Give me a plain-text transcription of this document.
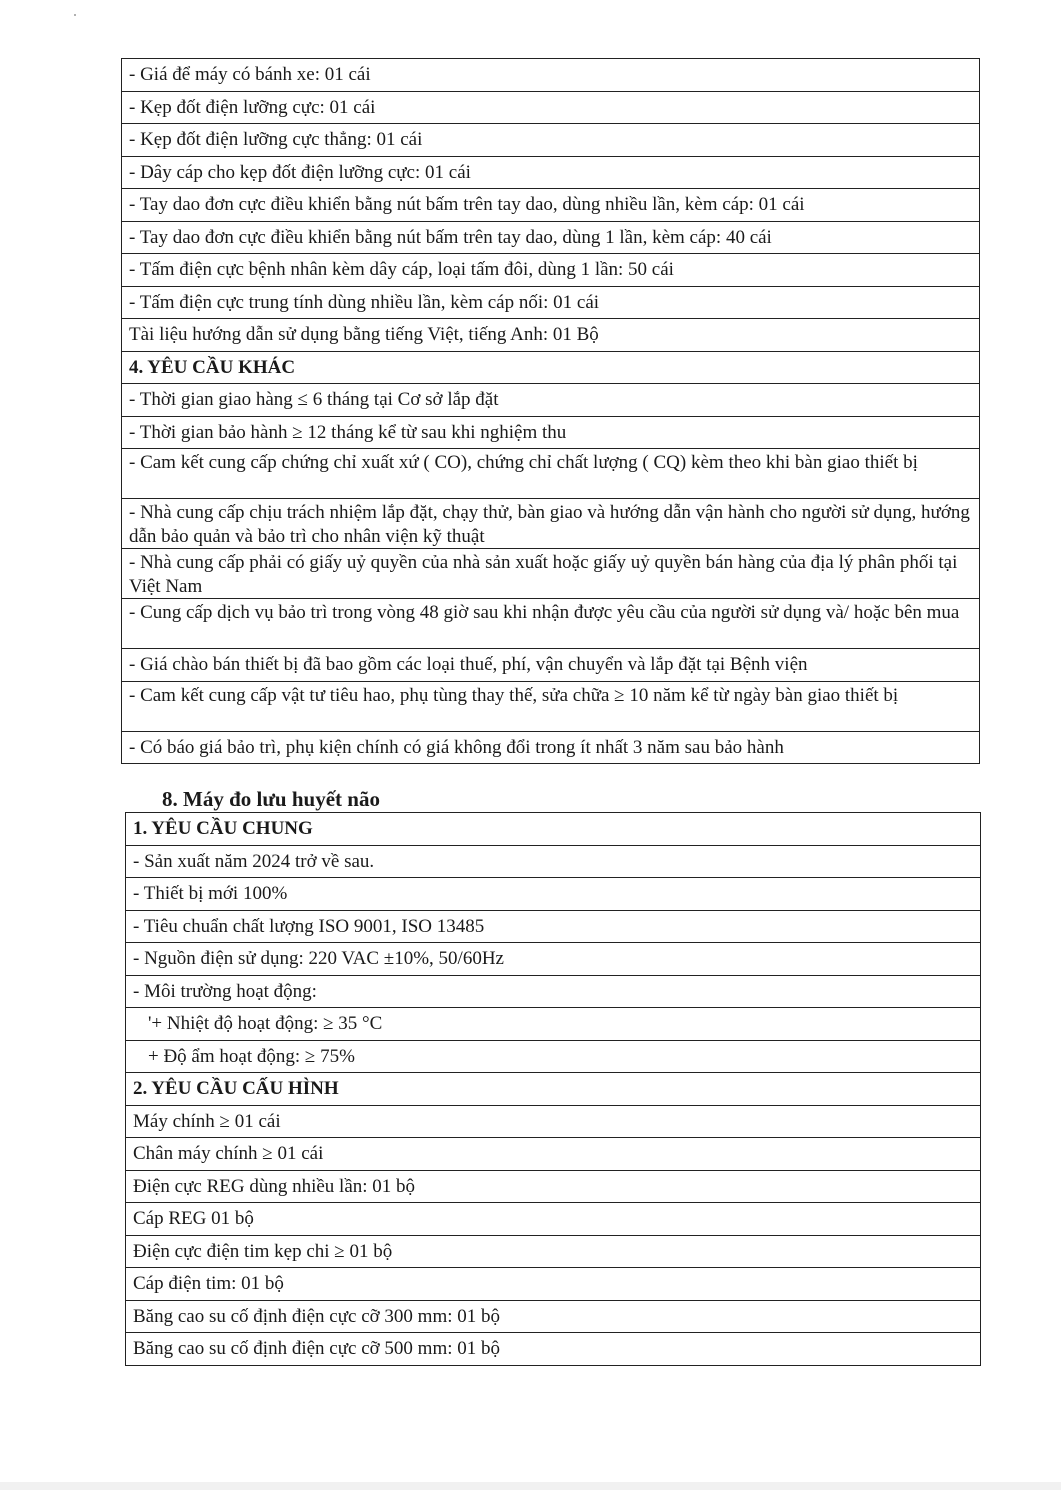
- Giá để máy có bánh xe: 01 cái
- Kẹp đốt điện lưỡng cực: 01 cái
- Kẹp đốt điện lưỡng cực thẳng: 01 cái
- Dây cáp cho kẹp đốt điện lưỡng cực: 01 cái
- Tay dao đơn cực điều khiển bằng nút bấm trên tay dao, dùng nhiều lần, kèm cáp: 01 cái
- Tay dao đơn cực điều khiển bằng nút bấm trên tay dao, dùng 1 lần, kèm cáp: 40 cái
- Tấm điện cực bệnh nhân kèm dây cáp, loại tấm đôi, dùng 1 lần: 50 cái
- Tấm điện cực trung tính dùng nhiều lần, kèm cáp nối: 01 cái
Tài liệu hướng dẫn sử dụng bằng tiếng Việt, tiếng Anh: 01 Bộ
4. YÊU CẦU KHÁC
- Thời gian giao hàng ≤ 6 tháng tại Cơ sở lắp đặt
- Thời gian bảo hành ≥ 12 tháng kể từ sau khi nghiệm thu
- Cam kết cung cấp chứng chỉ xuất xứ ( CO), chứng chỉ chất lượng ( CQ) kèm theo khi bàn giao thiết bị
- Nhà cung cấp chịu trách nhiệm lắp đặt, chạy thử, bàn giao và hướng dẫn vận hành cho người sử dụng, hướng dẫn bảo quản và bảo trì cho nhân viện kỹ thuật
- Nhà cung cấp phải có giấy uỷ quyền của nhà sản xuất hoặc giấy uỷ quyền bán hàng của địa lý phân phối tại Việt Nam
- Cung cấp dịch vụ bảo trì trong vòng 48 giờ sau khi nhận được yêu cầu của người sử dụng và/ hoặc bên mua
- Giá chào bán thiết bị đã bao gồm các loại thuế, phí, vận chuyển và lắp đặt tại Bệnh viện
- Cam kết cung cấp vật tư tiêu hao, phụ tùng thay thế, sửa chữa ≥ 10 năm kể từ ngày bàn giao thiết bị
- Có báo giá bảo trì, phụ kiện chính có giá không đổi trong ít nhất 3 năm sau bảo hành
8. Máy đo lưu huyết não
1. YÊU CẦU CHUNG
- Sản xuất năm 2024 trở về sau.
- Thiết bị mới 100%
- Tiêu chuẩn chất lượng ISO 9001, ISO 13485
- Nguồn điện sử dụng: 220 VAC ±10%, 50/60Hz
- Môi trường hoạt động:
'+ Nhiệt độ hoạt động: ≥ 35 °C
+ Độ ẩm hoạt động: ≥ 75%
2. YÊU CẦU CẤU HÌNH
Máy chính ≥ 01 cái
Chân máy chính ≥ 01 cái
Điện cực REG dùng nhiều lần: 01 bộ
Cáp REG 01 bộ
Điện cực điện tim kẹp chi ≥ 01 bộ
Cáp điện tim: 01 bộ
Băng cao su cố định điện cực cỡ 300 mm: 01 bộ
Băng cao su cố định điện cực cỡ 500 mm: 01 bộ
